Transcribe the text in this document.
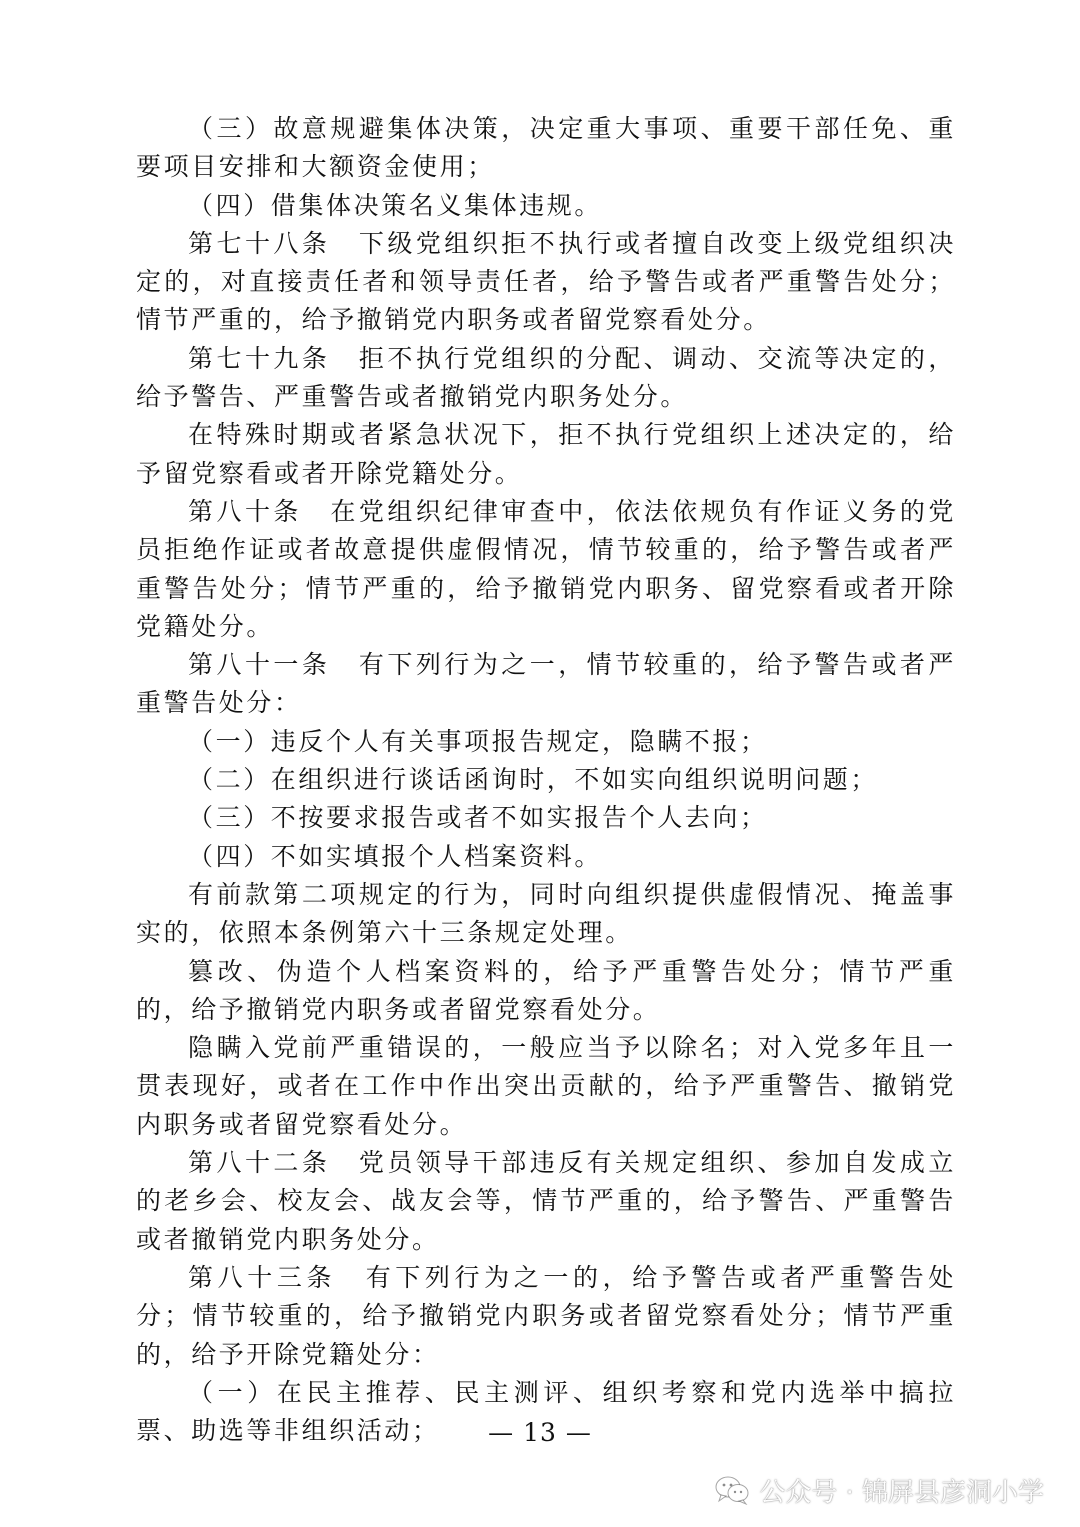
（三）故意规避集体决策，决定重大事项、重要干部任免、重要项目安排和大额资金使用；

（四）借集体决策名义集体违规。

第七十八条　下级党组织拒不执行或者擅自改变上级党组织决定的，对直接责任者和领导责任者，给予警告或者严重警告处分；情节严重的，给予撤销党内职务或者留党察看处分。

第七十九条　拒不执行党组织的分配、调动、交流等决定的，给予警告、严重警告或者撤销党内职务处分。

在特殊时期或者紧急状况下，拒不执行党组织上述决定的，给予留党察看或者开除党籍处分。

第八十条　在党组织纪律审查中，依法依规负有作证义务的党员拒绝作证或者故意提供虚假情况，情节较重的，给予警告或者严重警告处分；情节严重的，给予撤销党内职务、留党察看或者开除党籍处分。

第八十一条　有下列行为之一，情节较重的，给予警告或者严重警告处分：

（一）违反个人有关事项报告规定，隐瞒不报；

（二）在组织进行谈话函询时，不如实向组织说明问题；

（三）不按要求报告或者不如实报告个人去向；

（四）不如实填报个人档案资料。

有前款第二项规定的行为，同时向组织提供虚假情况、掩盖事实的，依照本条例第六十三条规定处理。

篡改、伪造个人档案资料的，给予严重警告处分；情节严重的，给予撤销党内职务或者留党察看处分。

隐瞒入党前严重错误的，一般应当予以除名；对入党多年且一贯表现好，或者在工作中作出突出贡献的，给予严重警告、撤销党内职务或者留党察看处分。

第八十二条　党员领导干部违反有关规定组织、参加自发成立的老乡会、校友会、战友会等，情节严重的，给予警告、严重警告或者撤销党内职务处分。

第八十三条　有下列行为之一的，给予警告或者严重警告处分；情节较重的，给予撤销党内职务或者留党察看处分；情节严重的，给予开除党籍处分：

（一）在民主推荐、民主测评、组织考察和党内选举中搞拉票、助选等非组织活动；	— 13 —
公众号 · 锦屏县彦洞小学
